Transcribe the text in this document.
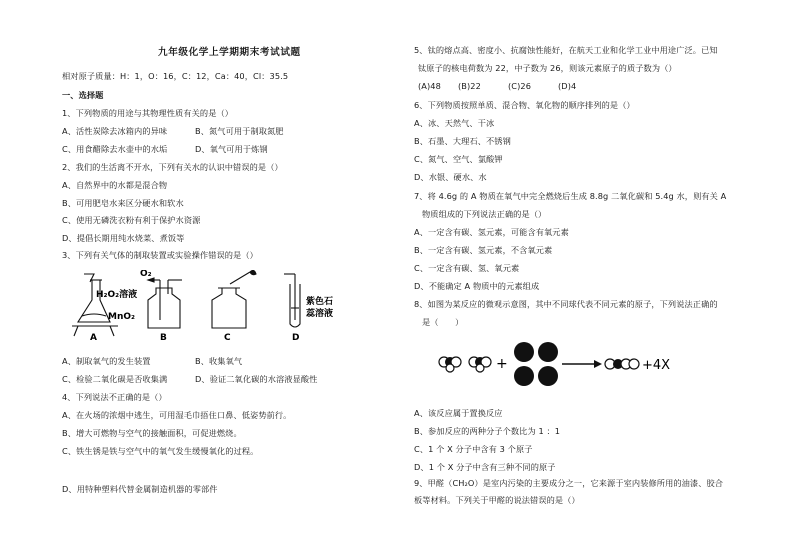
九年级化学上学期期末考试试题
相对原子质量：H：1，O：16，C：12，Ca：40，Cl：35.5
一、选择题
1、下列物质的用途与其物理性质有关的是（）
A、活性炭除去冰箱内的异味	B、氮气可用于制取氮肥
C、用食醋除去水壶中的水垢	D、氧气可用于炼钢
2、我们的生活离不开水，下列有关水的认识中错误的是（）
A、自然界中的水都是混合物
B、可用肥皂水来区分硬水和软水
C、使用无磷洗衣粉有利于保护水资源
D、提倡长期用纯水烧菜、煮饭等
3、下列有关气体的制取装置或实验操作错误的是（）
H₂O₂溶液
MnO₂
A
O₂
B	C
紫色石
蕊溶液
D
A、制取氧气的发生装置	B、收集氧气
C、检验二氧化碳是否收集满	D、验证二氧化碳的水溶液显酸性
4、下列说法不正确的是（）
A、在火场的浓烟中逃生，可用湿毛巾捂住口鼻、低姿势前行。
B、增大可燃物与空气的接触面积，可促进燃烧。
C、铁生锈是铁与空气中的氧气发生缓慢氧化的过程。
D、用特种塑料代替金属制造机器的零部件
5、钛的熔点高、密度小、抗腐蚀性能好，在航天工业和化学工业中用途广泛。已知
钛原子的核电荷数为 22，中子数为 26，则该元素原子的质子数为（）
(A)48 (B)22	(C)26	(D)4
6、下列物质按照单质、混合物、氧化物的顺序排列的是（）
A、冰、天然气、干冰
B、石墨、大理石、不锈钢
C、氮气、空气、氯酸钾
D、水银、硬水、水
7、将 4.6g 的 A 物质在氧气中完全燃烧后生成 8.8g 二氧化碳和 5.4g 水，则有关 A
物质组成的下列说法正确的是（）
A、一定含有碳、氢元素，可能含有氧元素
B、一定含有碳、氢元素，不含氧元素
C、一定含有碳、氢、氧元素
D、不能确定 A 物质中的元素组成
8、如图为某反应的微观示意图，其中不同球代表不同元素的原子，下列说法正确的
是（　　）
+	+4X
A、该反应属于置换反应
B、参加反应的两种分子个数比为 1 ：1
C、1 个 X 分子中含有 3 个原子
D、1 个 X 分子中含有三种不同的原子
9、甲醛（CH₂O）是室内污染的主要成分之一，它来源于室内装修所用的油漆、胶合
板等材料。下列关于甲醛的说法错误的是（）
